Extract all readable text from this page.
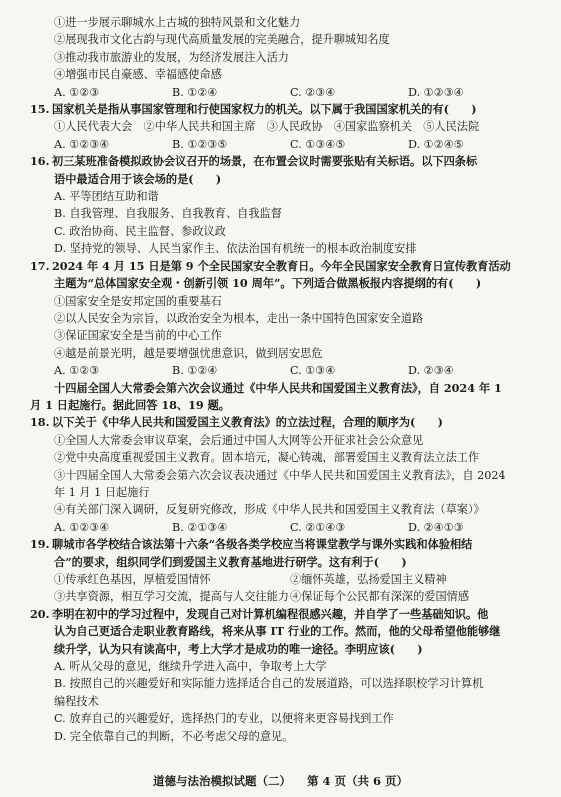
①进一步展示聊城水上古城的独特风景和文化魅力
②展现我市文化古韵与现代高质量发展的完美融合，提升聊城知名度
③推动我市旅游业的发展，为经济发展注入活力
④增强市民自豪感、幸福感使命感
A. ①②③	B. ①②④	C. ②③④	D. ①②③④
15. 国家机关是指从事国家管理和行使国家权力的机关。以下属于我国国家机关的有(　　)
①人民代表大会　②中华人民共和国主席　③人民政协　④国家监察机关　⑤人民法院
A. ①②③④	B. ①②③⑤	C. ①③④⑤	D. ①②④⑤
16. 初三某班准备模拟政协会议召开的场景，在布置会议时需要张贴有关标语。以下四条标
语中最适合用于该会场的是(　　)
A. 平等团结互助和谐
B. 自我管理、自我服务、自我教育、自我监督
C. 政治协商、民主监督、参政议政
D. 坚持党的领导、人民当家作主、依法治国有机统一的根本政治制度安排
17. 2024 年 4 月 15 日是第 9 个全民国家安全教育日。今年全民国家安全教育日宣传教育活动
主题为“总体国家安全观・创新引领 10 周年”。下列适合做黑板报内容提纲的有(　　)
①国家安全是安邦定国的重要基石
②以人民安全为宗旨，以政治安全为根本，走出一条中国特色国家安全道路
③保证国家安全是当前的中心工作
④越是前景光明，越是要增强忧患意识，做到居安思危
A. ①②③	B. ①②④	C. ①③④	D. ②③④
十四届全国人大常委会第六次会议通过《中华人民共和国爱国主义教育法》，自 2024 年 1
月 1 日起施行。据此回答 18、19 题。
18. 以下关于《中华人民共和国爱国主义教育法》的立法过程，合理的顺序为(　　)
①全国人大常委会审议草案，会后通过中国人大网等公开征求社会公众意见
②党中央高度重视爱国主义教育。固本培元，凝心铸魂，部署爱国主义教育法立法工作
③十四届全国人大常委会第六次会议表决通过《中华人民共和国爱国主义教育法》，自 2024
年 1 月 1 日起施行
④有关部门深入调研，反复研究修改，形成《中华人民共和国爱国主义教育法（草案）》
A. ①②③④	B. ②①③④	C. ②①④③	D. ②④①③
19. 聊城市各学校结合该法第十六条“各级各类学校应当将课堂教学与课外实践和体验相结
合”的要求，组织同学们到爱国主义教育基地进行研学。这有利于(　　)
①传承红色基因，厚植爱国情怀	②缅怀英雄，弘扬爱国主义精神
③共享资源，相互学习交流，提高与人交往能力 ④保证每个公民都有深深的爱国情感
20. 李明在初中的学习过程中，发现自己对计算机编程很感兴趣，并自学了一些基础知识。他
认为自己更适合走职业教育路线，将来从事 IT 行业的工作。然而，他的父母希望他能够继
续升学，认为只有读高中，考上大学才是成功的唯一途径。李明应该(　　)
A. 听从父母的意见，继续升学进入高中，争取考上大学
B. 按照自己的兴趣爱好和实际能力选择适合自己的发展道路，可以选择职校学习计算机
编程技术
C. 放弃自己的兴趣爱好，选择热门的专业，以便将来更容易找到工作
D. 完全依靠自己的判断，不必考虑父母的意见。
道德与法治模拟试题（二） 第 4 页（共 6 页）
